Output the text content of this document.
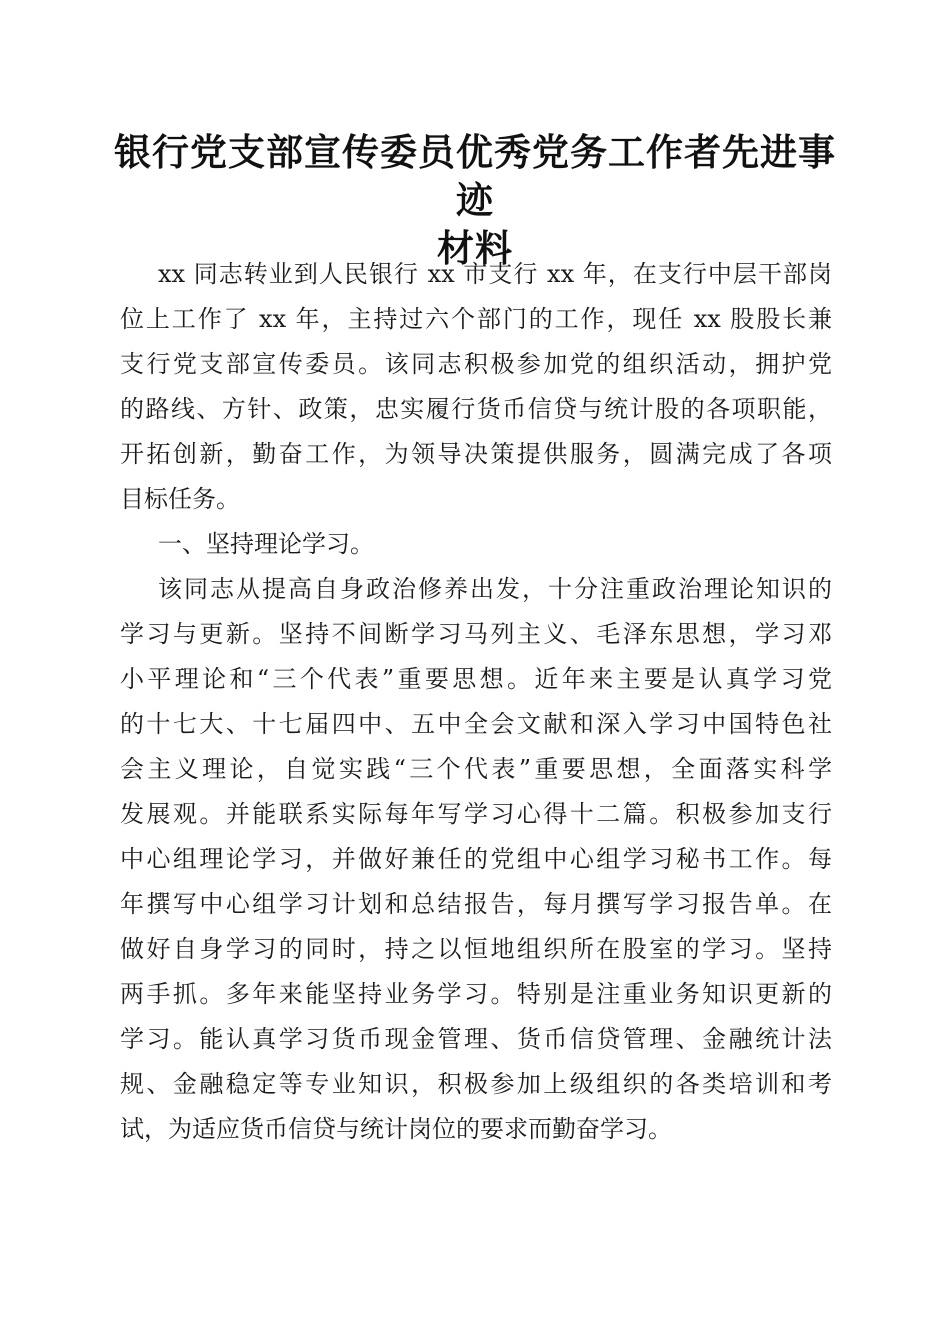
银行党支部宣传委员优秀党务工作者先进事迹
材料
xx 同志转业到人民银行 xx 市支行 xx 年，在支行中层干部岗
位上工作了 xx 年，主持过六个部门的工作，现任 xx 股股长兼
支行党支部宣传委员。该同志积极参加党的组织活动，拥护党
的路线、方针、政策，忠实履行货币信贷与统计股的各项职能，
开拓创新，勤奋工作，为领导决策提供服务，圆满完成了各项
目标任务。
一、坚持理论学习。
该同志从提高自身政治修养出发，十分注重政治理论知识的
学习与更新。坚持不间断学习马列主义、毛泽东思想，学习邓
小平理论和“三个代表”重要思想。近年来主要是认真学习党
的十七大、十七届四中、五中全会文献和深入学习中国特色社
会主义理论，自觉实践“三个代表”重要思想，全面落实科学
发展观。并能联系实际每年写学习心得十二篇。积极参加支行
中心组理论学习，并做好兼任的党组中心组学习秘书工作。每
年撰写中心组学习计划和总结报告，每月撰写学习报告单。在
做好自身学习的同时，持之以恒地组织所在股室的学习。坚持
两手抓。多年来能坚持业务学习。特别是注重业务知识更新的
学习。能认真学习货币现金管理、货币信贷管理、金融统计法
规、金融稳定等专业知识，积极参加上级组织的各类培训和考
试，为适应货币信贷与统计岗位的要求而勤奋学习。
